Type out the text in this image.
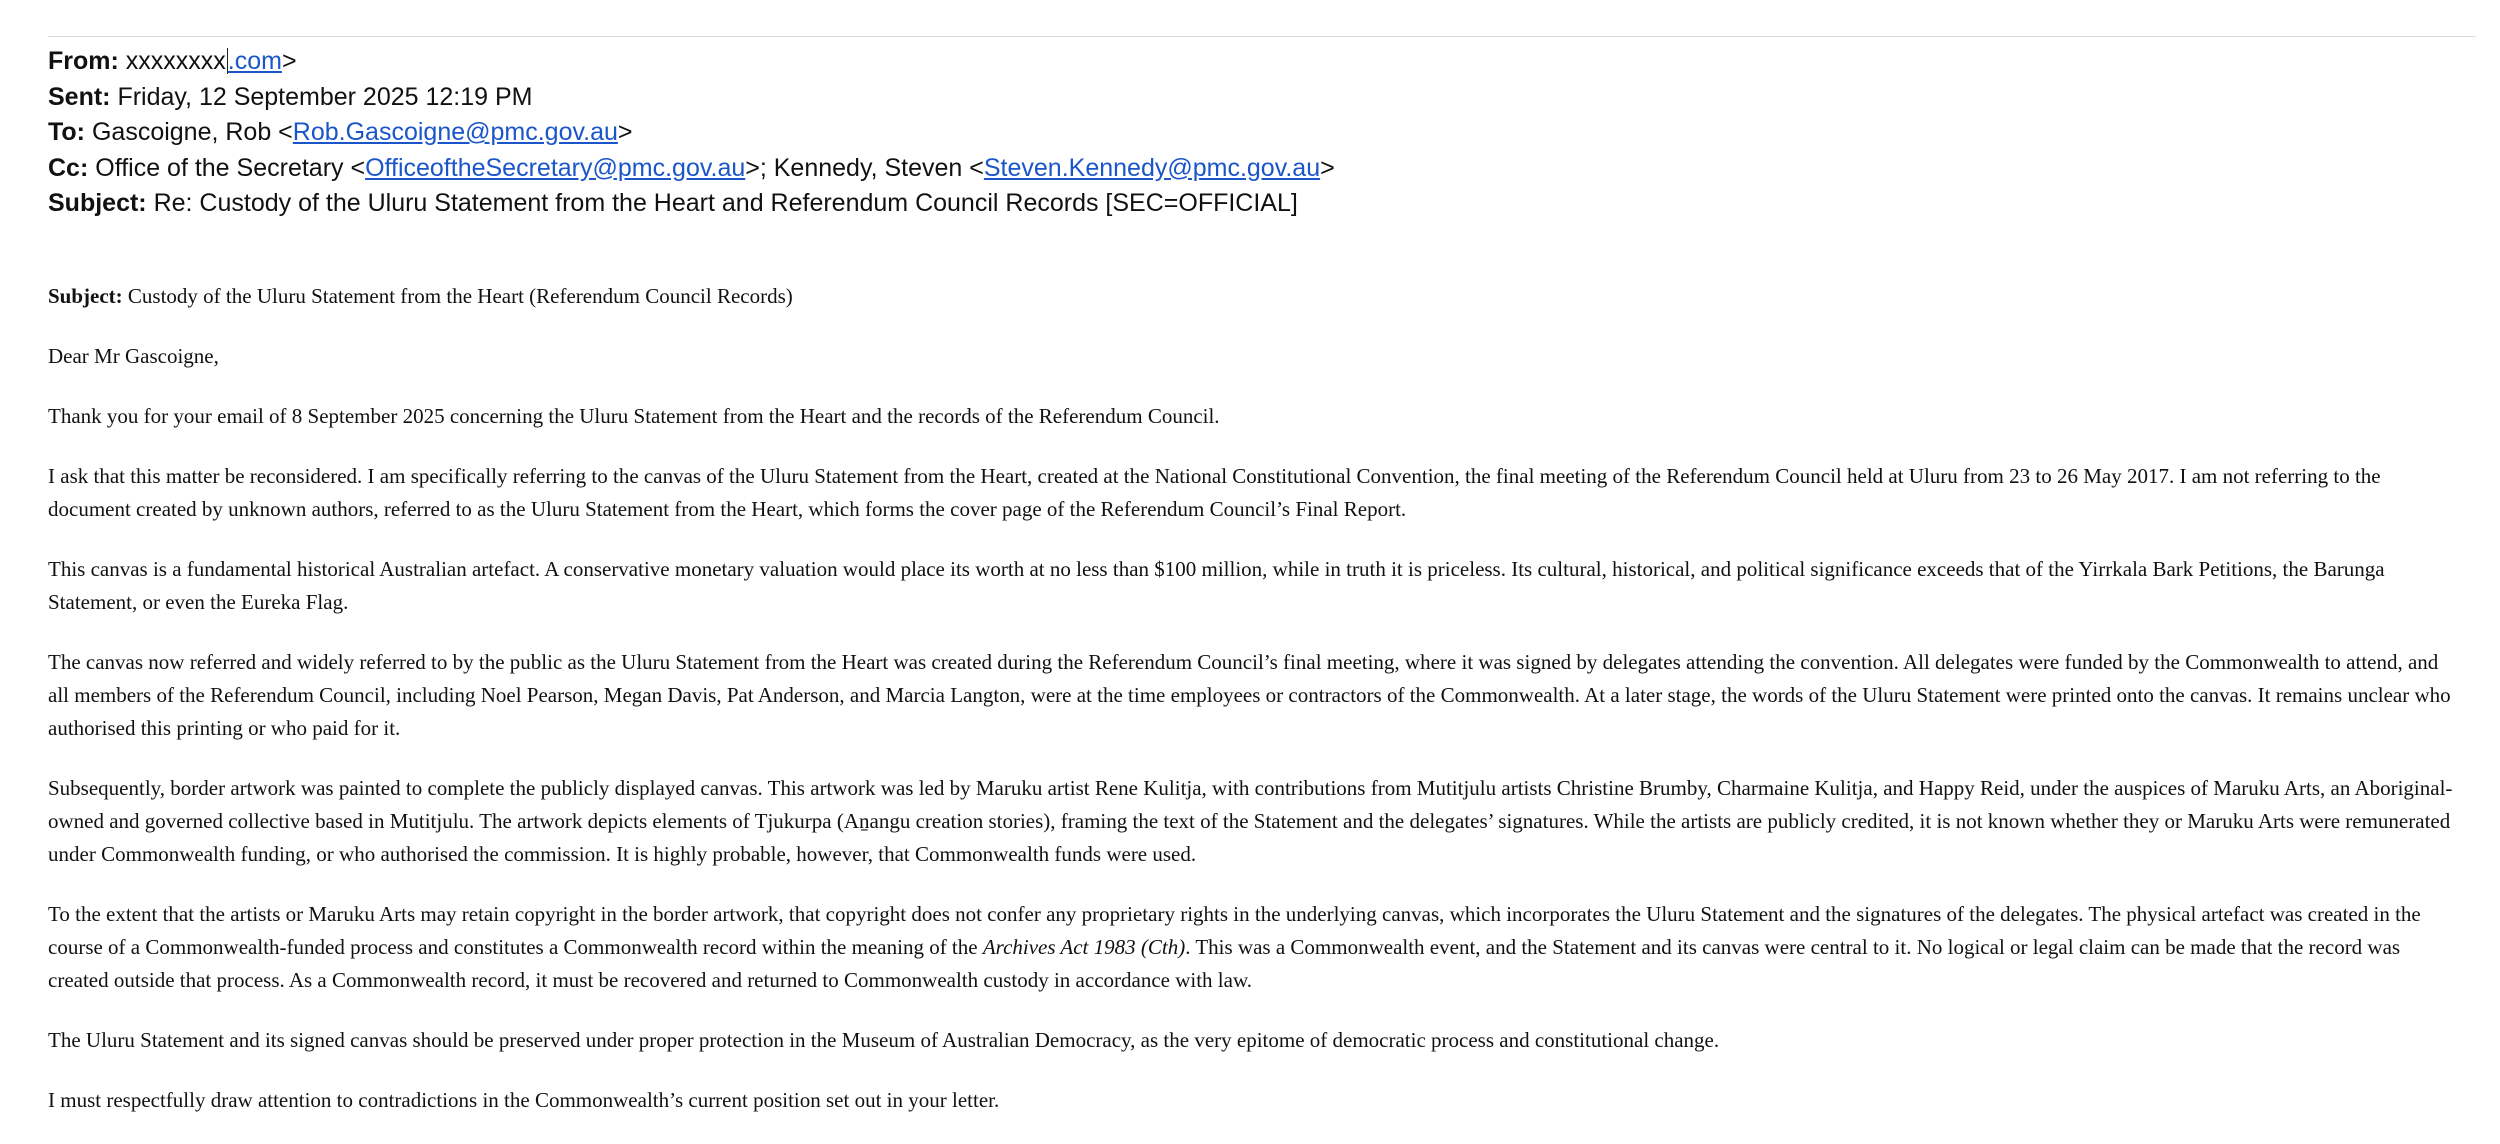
From: xxxxxxxx.com>
Sent: Friday, 12 September 2025 12:19 PM
To: Gascoigne, Rob <Rob.Gascoigne@pmc.gov.au>
Cc: Office of the Secretary <OfficeoftheSecretary@pmc.gov.au>; Kennedy, Steven <Steven.Kennedy@pmc.gov.au>
Subject: Re: Custody of the Uluru Statement from the Heart and Referendum Council Records [SEC=OFFICIAL]

Subject: Custody of the Uluru Statement from the Heart (Referendum Council Records)

Dear Mr Gascoigne,

Thank you for your email of 8 September 2025 concerning the Uluru Statement from the Heart and the records of the Referendum Council.

I ask that this matter be reconsidered. I am specifically referring to the canvas of the Uluru Statement from the Heart, created at the National Constitutional Convention, the final meeting of the Referendum Council held at Uluru from 23 to 26 May 2017. I am not referring to the document created by unknown authors, referred to as the Uluru Statement from the Heart, which forms the cover page of the Referendum Council’s Final Report.

This canvas is a fundamental historical Australian artefact. A conservative monetary valuation would place its worth at no less than $100 million, while in truth it is priceless. Its cultural, historical, and political significance exceeds that of the Yirrkala Bark Petitions, the Barunga Statement, or even the Eureka Flag.

The canvas now referred and widely referred to by the public as the Uluru Statement from the Heart was created during the Referendum Council’s final meeting, where it was signed by delegates attending the convention. All delegates were funded by the Commonwealth to attend, and all members of the Referendum Council, including Noel Pearson, Megan Davis, Pat Anderson, and Marcia Langton, were at the time employees or contractors of the Commonwealth. At a later stage, the words of the Uluru Statement were printed onto the canvas. It remains unclear who authorised this printing or who paid for it.

Subsequently, border artwork was painted to complete the publicly displayed canvas. This artwork was led by Maruku artist Rene Kulitja, with contributions from Mutitjulu artists Christine Brumby, Charmaine Kulitja, and Happy Reid, under the auspices of Maruku Arts, an Aboriginal-owned and governed collective based in Mutitjulu. The artwork depicts elements of Tjukurpa (Aṉangu creation stories), framing the text of the Statement and the delegates’ signatures. While the artists are publicly credited, it is not known whether they or Maruku Arts were remunerated under Commonwealth funding, or who authorised the commission. It is highly probable, however, that Commonwealth funds were used.

To the extent that the artists or Maruku Arts may retain copyright in the border artwork, that copyright does not confer any proprietary rights in the underlying canvas, which incorporates the Uluru Statement and the signatures of the delegates. The physical artefact was created in the course of a Commonwealth-funded process and constitutes a Commonwealth record within the meaning of the Archives Act 1983 (Cth). This was a Commonwealth event, and the Statement and its canvas were central to it. No logical or legal claim can be made that the record was created outside that process. As a Commonwealth record, it must be recovered and returned to Commonwealth custody in accordance with law.

The Uluru Statement and its signed canvas should be preserved under proper protection in the Museum of Australian Democracy, as the very epitome of democratic process and constitutional change.

I must respectfully draw attention to contradictions in the Commonwealth’s current position set out in your letter.
